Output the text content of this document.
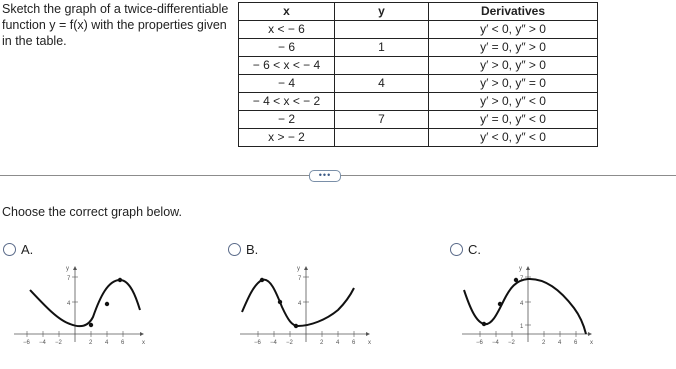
Sketch the graph of a twice-differentiable function y = f(x) with the properties given in the table.
x	y	Derivatives
x < − 6		y′ < 0, y″ > 0
− 6	1	y′ = 0, y″ > 0
− 6 < x < − 4		y′ > 0, y″ > 0
− 4	4	y′ > 0, y″ = 0
− 4 < x < − 2		y′ > 0, y″ < 0
− 2	7	y′ = 0, y″ < 0
x > − 2		y′ < 0, y″ < 0
•••
Choose the correct graph below.
A.
−6 −4 −2	2 4 6
7
4
y
x
B.
−6 −4 −2	2 4 6
7
4
y
x
C.
−6 −4 −2	2 4 6
7
4
1
y
x
